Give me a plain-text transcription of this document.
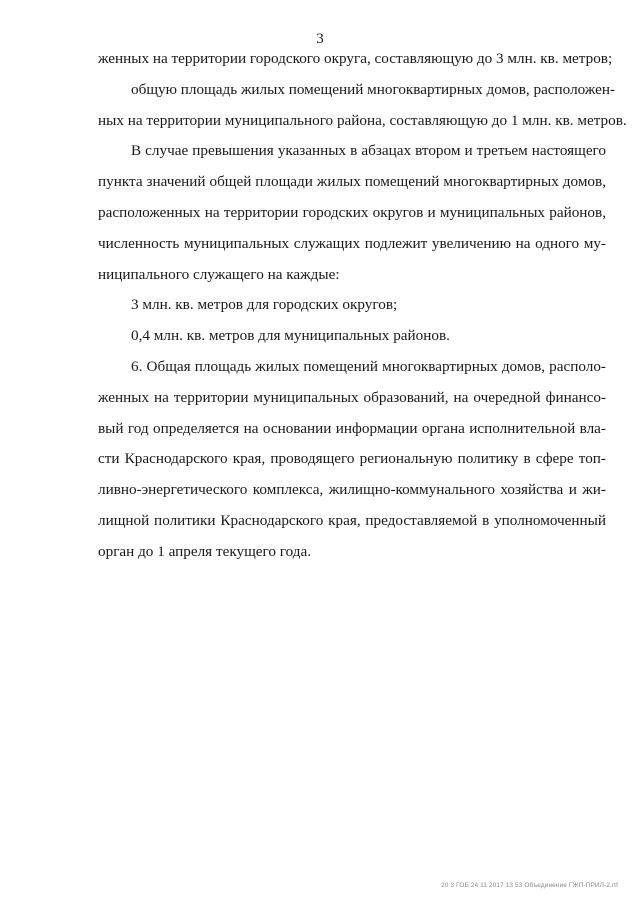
3
женных на территории городского округа, составляющую до 3 млн. кв. метров;
общую площадь жилых помещений многоквартирных домов, расположен-
ных на территории муниципального района, составляющую до 1 млн. кв. метров.
В случае превышения указанных в абзацах втором и третьем настоящего
пункта значений общей площади жилых помещений многоквартирных домов,
расположенных на территории городских округов и муниципальных районов,
численность муниципальных служащих подлежит увеличению на одного му-
ниципального служащего на каждые:
3 млн. кв. метров для городских округов;
0,4 млн. кв. метров для муниципальных районов.
6. Общая площадь жилых помещений многоквартирных домов, располо-
женных на территории муниципальных образований, на очередной финансо-
вый год определяется на основании информации органа исполнительной вла-
сти Краснодарского края, проводящего региональную политику в сфере топ-
ливно-энергетического комплекса, жилищно-коммунального хозяйства и жи-
лищной политики Краснодарского края, предоставляемой в уполномоченный
орган до 1 апреля текущего года.
20 3 ГОБ 24 11 2017 13 53 Объединение ГЖП-ПРИЛ-2.rtf
